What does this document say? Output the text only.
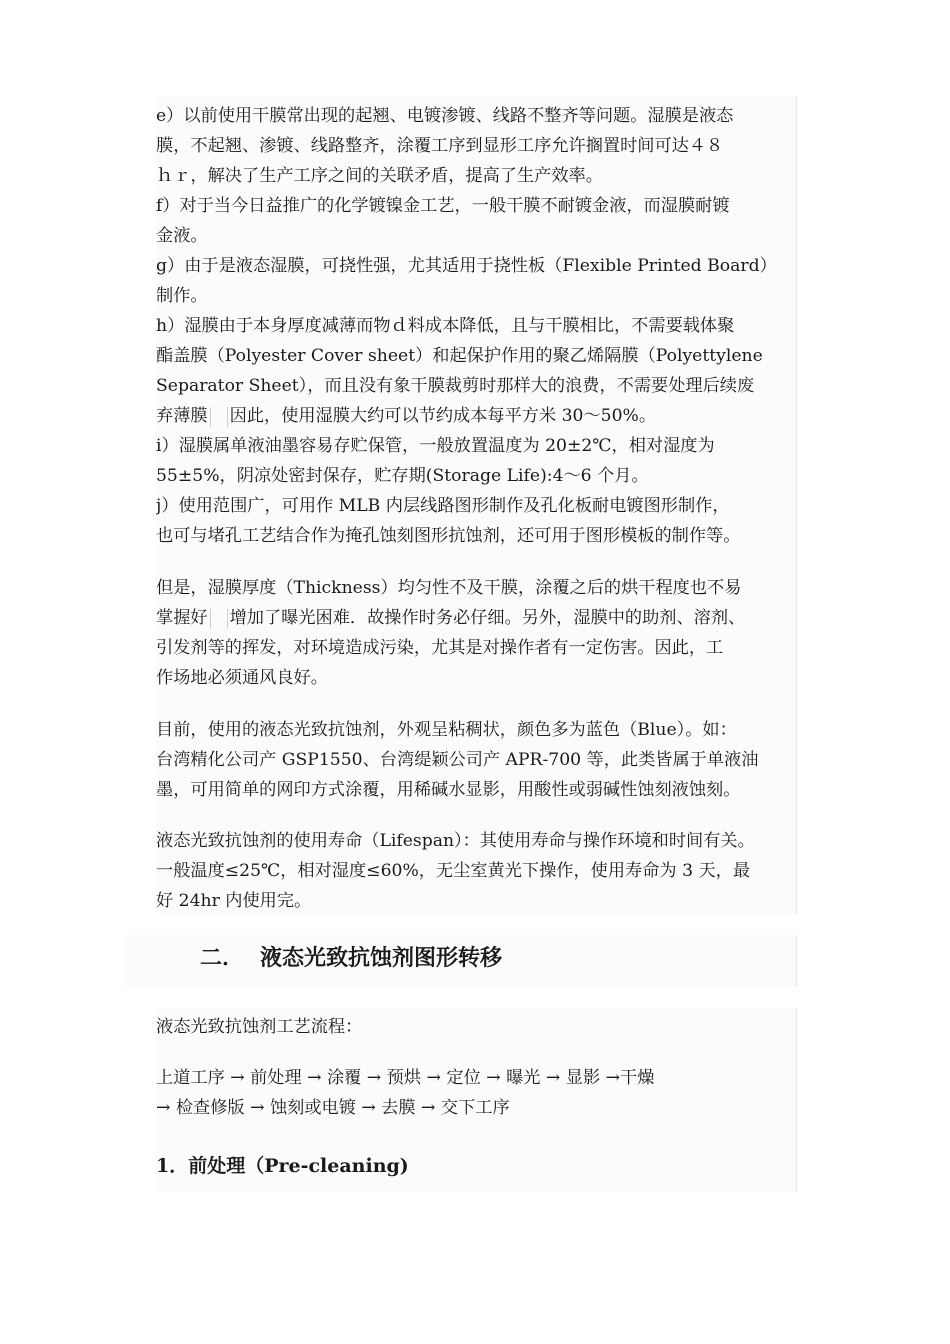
e）以前使用干膜常出现的起翘、电镀渗镀、线路不整齐等问题。湿膜是液态
膜，不起翘、渗镀、线路整齐，涂覆工序到显形工序允许搁置时间可达４８
ｈｒ，解决了生产工序之间的关联矛盾，提高了生产效率。
f）对于当今日益推广的化学镀镍金工艺，一般干膜不耐镀金液，而湿膜耐镀
金液。
g）由于是液态湿膜，可挠性强，尤其适用于挠性板（Flexible Printed Board）
制作。
h）湿膜由于本身厚度减薄而物ｄ料成本降低，且与干膜相比，不需要载体聚
酯盖膜（Polyester Cover sheet）和起保护作用的聚乙烯隔膜（Polyettylene
Separator Sheet），而且没有象干膜裁剪时那样大的浪费，不需要处理后续废
弃薄膜 因此，使用湿膜大约可以节约成本每平方米 30～50%。
i）湿膜属单液油墨容易存贮保管，一般放置温度为 20±2℃，相对湿度为
55±5%，阴凉处密封保存，贮存期(Storage Life):4～6 个月。
j）使用范围广，可用作 MLB 内层线路图形制作及孔化板耐电镀图形制作，
也可与堵孔工艺结合作为掩孔蚀刻图形抗蚀剂，还可用于图形模板的制作等。
但是，湿膜厚度（Thickness）均匀性不及干膜，涂覆之后的烘干程度也不易
掌握好 增加了曝光困难．故操作时务必仔细。另外，湿膜中的助剂、溶剂、
引发剂等的挥发，对环境造成污染，尤其是对操作者有一定伤害。因此，工
作场地必须通风良好。
目前，使用的液态光致抗蚀剂，外观呈粘稠状，颜色多为蓝色（Blue）。如：
台湾精化公司产 GSP1550、台湾缇颖公司产 APR-700 等，此类皆属于单液油
墨，可用简单的网印方式涂覆，用稀碱水显影，用酸性或弱碱性蚀刻液蚀刻。
液态光致抗蚀剂的使用寿命（Lifespan）：其使用寿命与操作环境和时间有关。
一般温度≤25℃，相对湿度≤60%，无尘室黄光下操作，使用寿命为 3 天，最
好 24hr 内使用完。
二． 液态光致抗蚀剂图形转移
液态光致抗蚀剂工艺流程：
上道工序 → 前处理 → 涂覆 → 预烘 → 定位 → 曝光 → 显影 →干燥
→ 检查修版 → 蚀刻或电镀 → 去膜 → 交下工序
1．前处理（Pre-cleaning)
